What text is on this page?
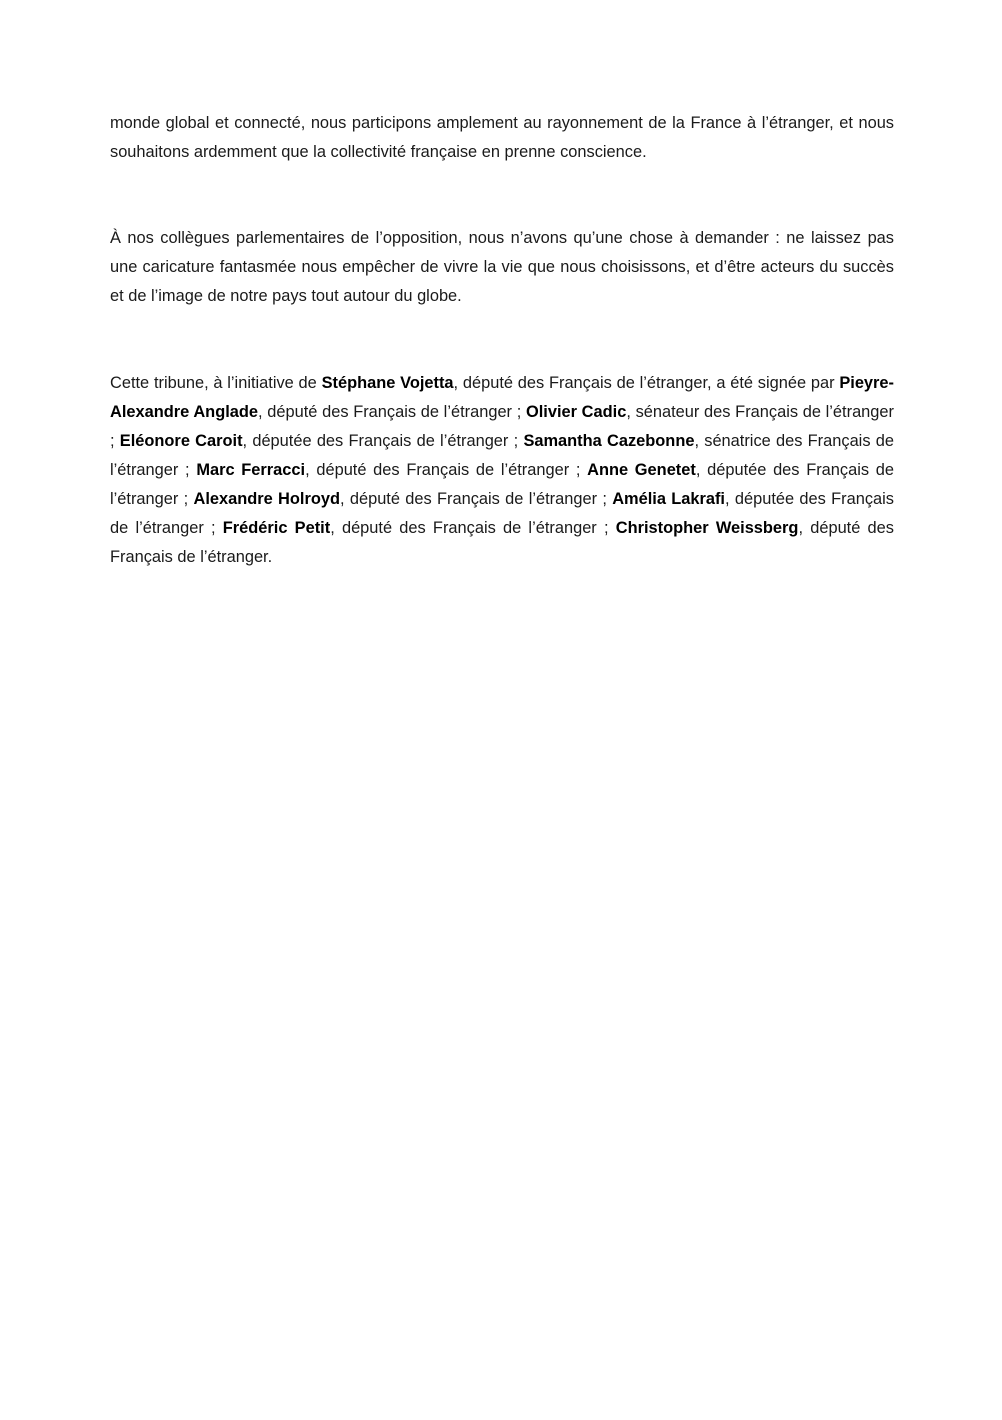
monde global et connecté, nous participons amplement au rayonnement de la France à l’étranger, et nous souhaitons ardemment que la collectivité française en prenne conscience.

À nos collègues parlementaires de l’opposition, nous n’avons qu’une chose à demander : ne laissez pas une caricature fantasmée nous empêcher de vivre la vie que nous choisissons, et d’être acteurs du succès et de l’image de notre pays tout autour du globe.

Cette tribune, à l’initiative de Stéphane Vojetta, député des Français de l’étranger, a été signée par Pieyre-Alexandre Anglade, député des Français de l’étranger ; Olivier Cadic, sénateur des Français de l’étranger ; Eléonore Caroit, députée des Français de l’étranger ; Samantha Cazebonne, sénatrice des Français de l’étranger ; Marc Ferracci, député des Français de l’étranger ; Anne Genetet, députée des Français de l’étranger ; Alexandre Holroyd, député des Français de l’étranger ; Amélia Lakrafi, députée des Français de l’étranger ; Frédéric Petit, député des Français de l’étranger ; Christopher Weissberg, député des Français de l’étranger.
